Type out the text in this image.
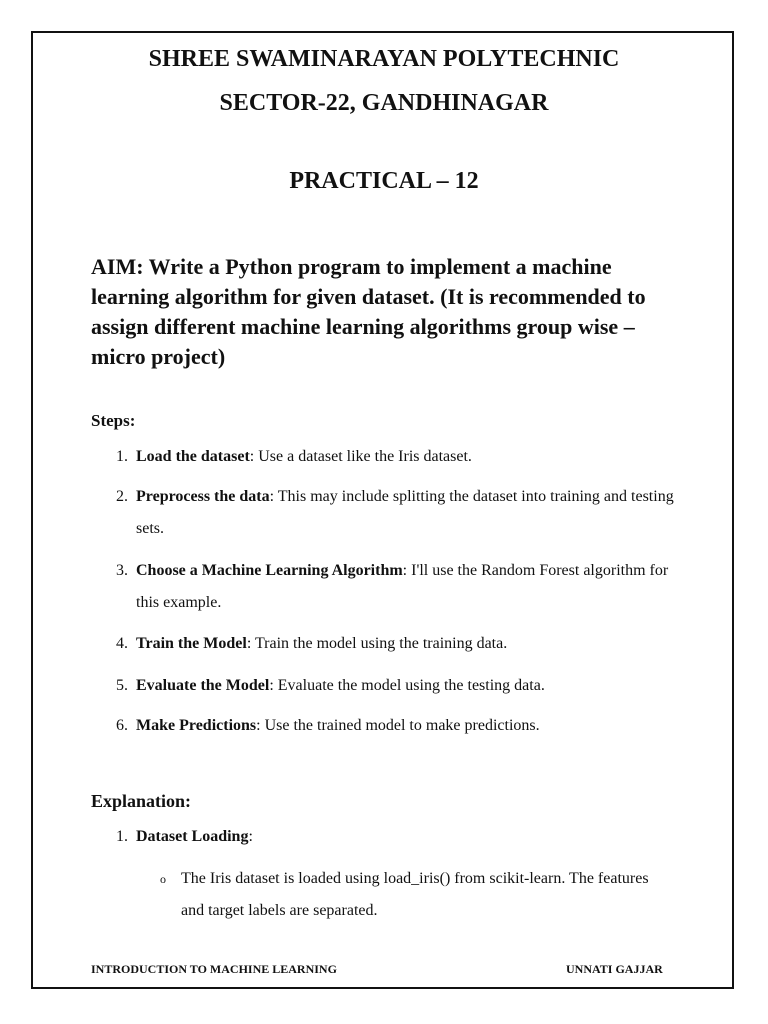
SHREE SWAMINARAYAN POLYTECHNIC

SECTOR-22, GANDHINAGAR

PRACTICAL – 12

AIM: Write a Python program to implement a machine learning algorithm for given dataset. (It is recommended to assign different machine learning algorithms group wise – micro project)

Steps:

1. Load the dataset: Use a dataset like the Iris dataset.

2. Preprocess the data: This may include splitting the dataset into training and testing sets.

3. Choose a Machine Learning Algorithm: I'll use the Random Forest algorithm for this example.

4. Train the Model: Train the model using the training data.

5. Evaluate the Model: Evaluate the model using the testing data.

6. Make Predictions: Use the trained model to make predictions.

Explanation:

1. Dataset Loading:

o The Iris dataset is loaded using load_iris() from scikit-learn. The features and target labels are separated.

INTRODUCTION TO MACHINE LEARNING	UNNATI GAJJAR
